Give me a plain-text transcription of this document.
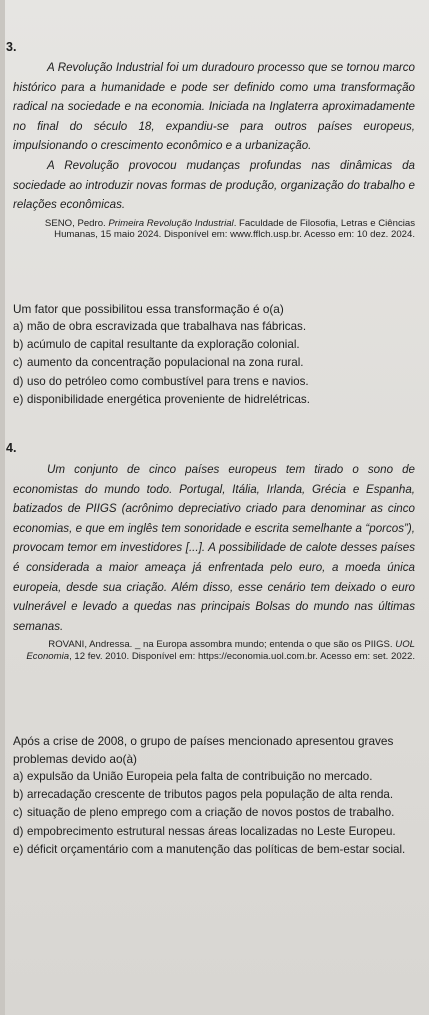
3.

A Revolução Industrial foi um duradouro processo que se tornou marco histórico para a humanidade e pode ser definido como uma transformação radical na sociedade e na economia. Iniciada na Inglaterra aproximadamente no final do século 18, expandiu-se para outros países europeus, impulsionando o crescimento econômico e a urbanização.

A Revolução provocou mudanças profundas nas dinâmicas da sociedade ao introduzir novas formas de produção, organização do trabalho e relações econômicas.

SENO, Pedro. Primeira Revolução Industrial. Faculdade de Filosofia, Letras e Ciências Humanas, 15 maio 2024. Disponível em: www.fflch.usp.br. Acesso em: 10 dez. 2024.

Um fator que possibilitou essa transformação é o(a)

a) mão de obra escravizada que trabalhava nas fábricas.
b) acúmulo de capital resultante da exploração colonial.
c) aumento da concentração populacional na zona rural.
d) uso do petróleo como combustível para trens e navios.
e) disponibilidade energética proveniente de hidrelétricas.

4.

Um conjunto de cinco países europeus tem tirado o sono de economistas do mundo todo. Portugal, Itália, Irlanda, Grécia e Espanha, batizados de PIIGS (acrônimo depreciativo criado para denominar as cinco economias, e que em inglês tem sonoridade e escrita semelhante a “porcos”), provocam temor em investidores [...]. A possibilidade de calote desses países é considerada a maior ameaça já enfrentada pelo euro, a moeda única europeia, desde sua criação. Além disso, esse cenário tem deixado o euro vulnerável e levado a quedas nas principais Bolsas do mundo nas últimas semanas.

ROVANI, Andressa. _ na Europa assombra mundo; entenda o que são os PIIGS. UOL Economia, 12 fev. 2010. Disponível em: https://economia.uol.com.br. Acesso em: set. 2022.

Após a crise de 2008, o grupo de países mencionado apresentou graves problemas devido ao(à)

a) expulsão da União Europeia pela falta de contribuição no mercado.
b) arrecadação crescente de tributos pagos pela população de alta renda.
c) situação de pleno emprego com a criação de novos postos de trabalho.
d) empobrecimento estrutural nessas áreas localizadas no Leste Europeu.
e) déficit orçamentário com a manutenção das políticas de bem-estar social.
